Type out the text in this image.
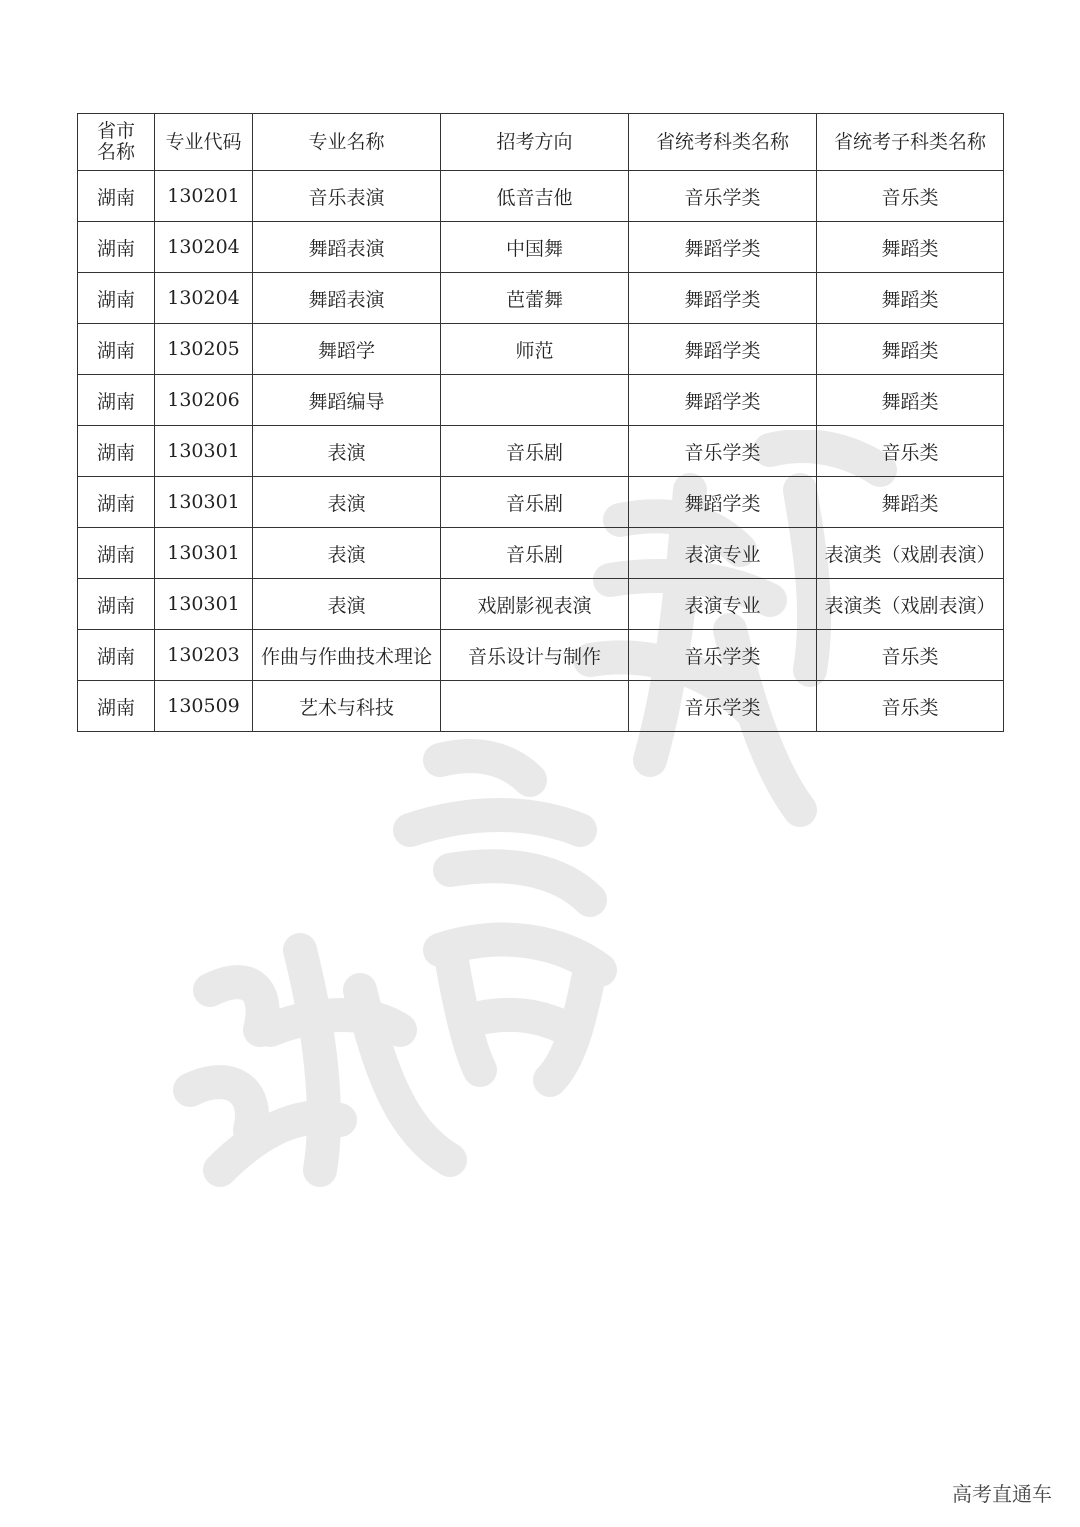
省市名称	专业代码	专业名称	招考方向	省统考科类名称	省统考子科类名称
湖南	130201	音乐表演	低音吉他	音乐学类	音乐类
湖南	130204	舞蹈表演	中国舞	舞蹈学类	舞蹈类
湖南	130204	舞蹈表演	芭蕾舞	舞蹈学类	舞蹈类
湖南	130205	舞蹈学	师范	舞蹈学类	舞蹈类
湖南	130206	舞蹈编导		舞蹈学类	舞蹈类
湖南	130301	表演	音乐剧	音乐学类	音乐类
湖南	130301	表演	音乐剧	舞蹈学类	舞蹈类
湖南	130301	表演	音乐剧	表演专业	表演类（戏剧表演）
湖南	130301	表演	戏剧影视表演	表演专业	表演类（戏剧表演）
湖南	130203	作曲与作曲技术理论	音乐设计与制作	音乐学类	音乐类
湖南	130509	艺术与科技		音乐学类	音乐类
高考直通车
